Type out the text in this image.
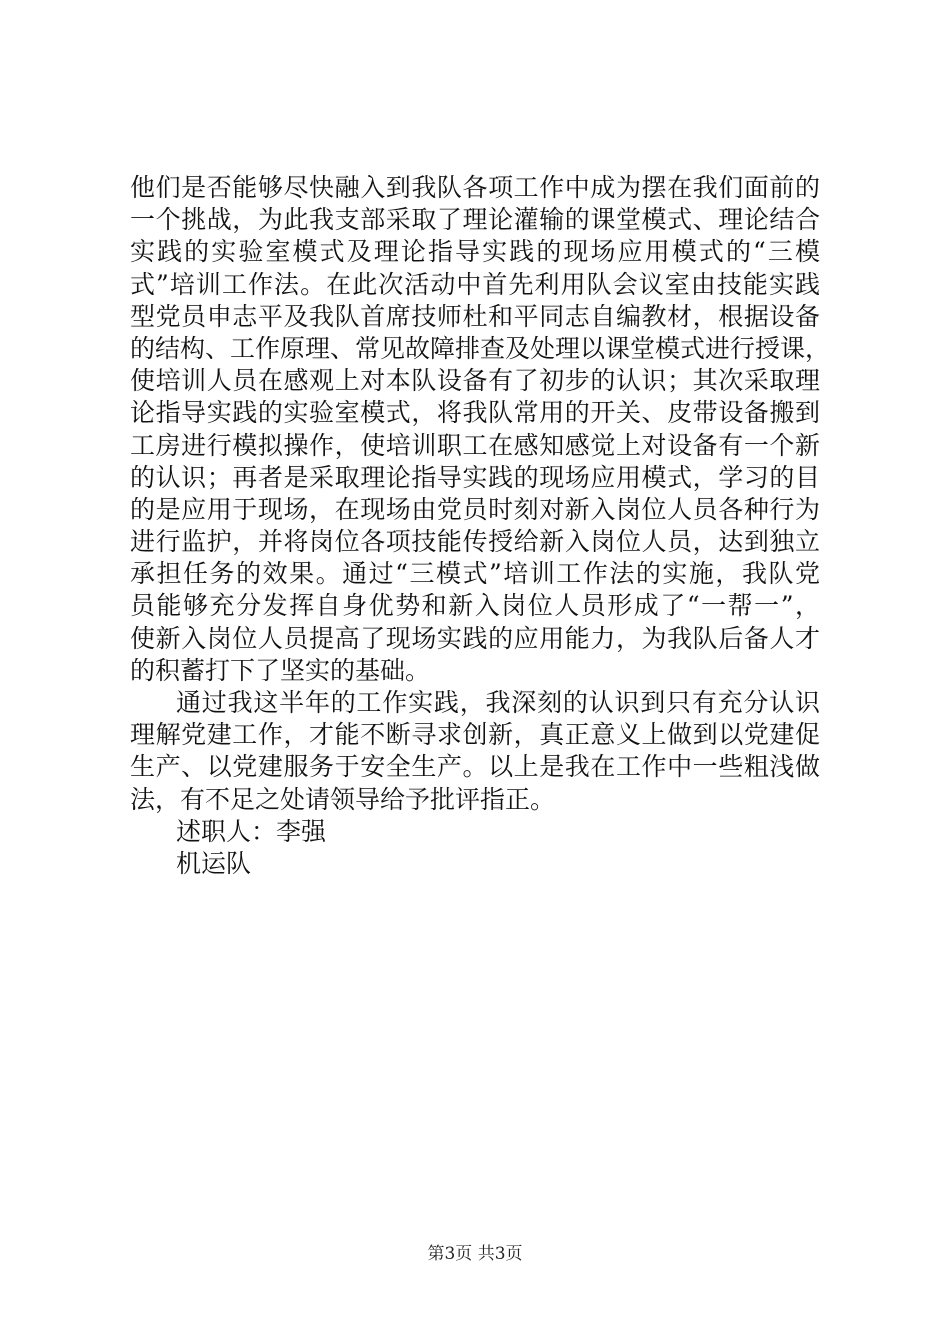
他们是否能够尽快融入到我队各项工作中成为摆在我们面前的
一个挑战，为此我支部采取了理论灌输的课堂模式、理论结合
实践的实验室模式及理论指导实践的现场应用模式的“三模
式”培训工作法。在此次活动中首先利用队会议室由技能实践
型党员申志平及我队首席技师杜和平同志自编教材，根据设备
的结构、工作原理、常见故障排查及处理以课堂模式进行授课，
使培训人员在感观上对本队设备有了初步的认识；其次采取理
论指导实践的实验室模式，将我队常用的开关、皮带设备搬到
工房进行模拟操作，使培训职工在感知感觉上对设备有一个新
的认识；再者是采取理论指导实践的现场应用模式，学习的目
的是应用于现场，在现场由党员时刻对新入岗位人员各种行为
进行监护，并将岗位各项技能传授给新入岗位人员，达到独立
承担任务的效果。通过“三模式”培训工作法的实施，我队党
员能够充分发挥自身优势和新入岗位人员形成了“一帮一”，
使新入岗位人员提高了现场实践的应用能力，为我队后备人才
的积蓄打下了坚实的基础。
通过我这半年的工作实践，我深刻的认识到只有充分认识
理解党建工作，才能不断寻求创新，真正意义上做到以党建促
生产、以党建服务于安全生产。以上是我在工作中一些粗浅做
法，有不足之处请领导给予批评指正。
述职人：李强
机运队
第3页 共3页
